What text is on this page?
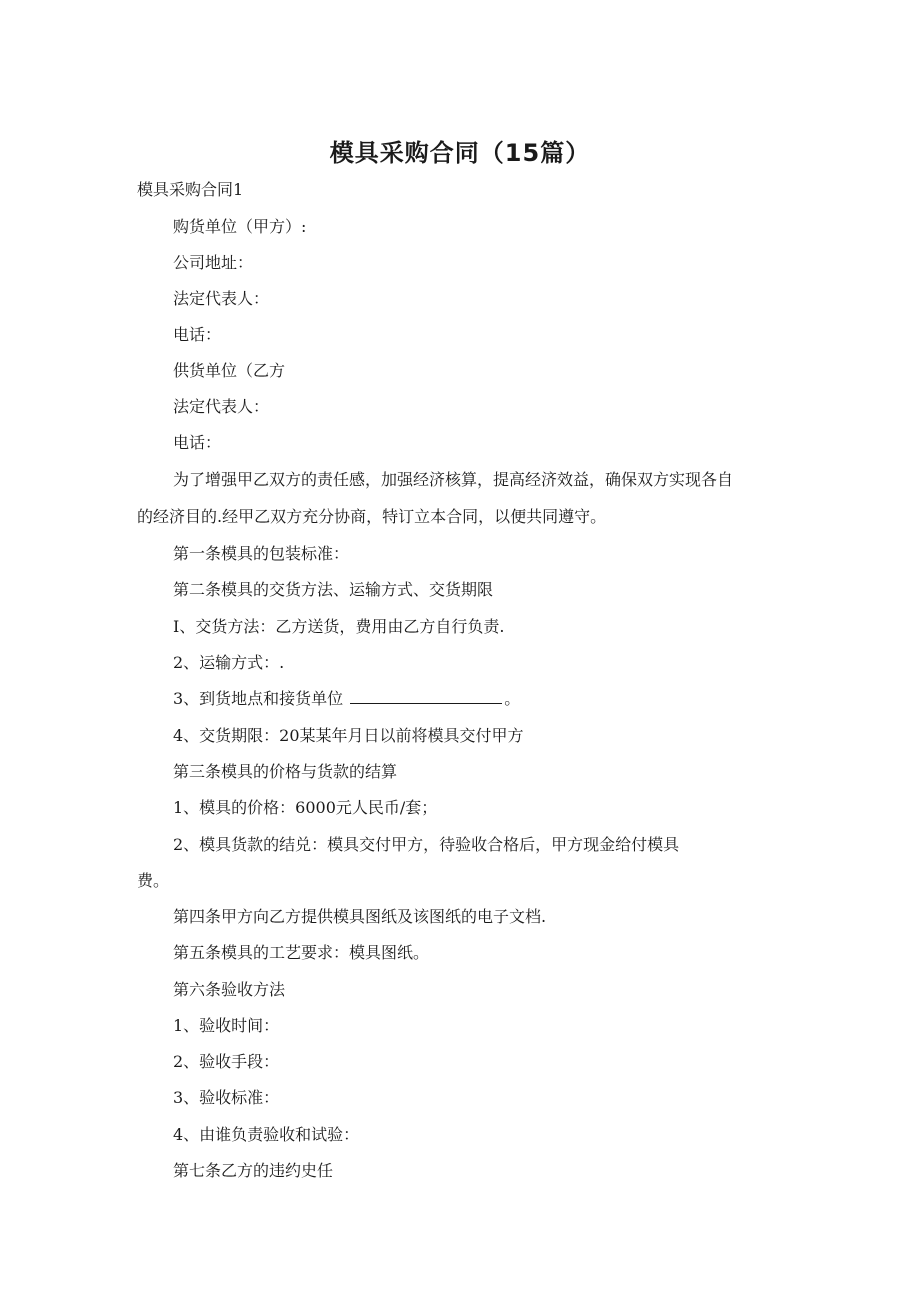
模具采购合同（15篇）
模具采购合同1
购货单位（甲方）:
公司地址：
法定代表人：
电话：
供货单位（乙方
法定代表人：
电话：
为了增强甲乙双方的责任感，加强经济核算，提高经济效益，确保双方实现各自
的经济目的.经甲乙双方充分协商，特订立本合同，以便共同遵守。
第一条模具的包装标准：
第二条模具的交货方法、运输方式、交货期限
I、交货方法：乙方送货，费用由乙方自行负责.
2、运输方式：.
3、到货地点和接货单位	。
4、交货期限：20某某年月日以前将模具交付甲方
第三条模具的价格与货款的结算
1、模具的价格：6000元人民币/套；
2、模具货款的结兑：模具交付甲方，待验收合格后，甲方现金给付模具
费。
第四条甲方向乙方提供模具图纸及该图纸的电子文档.
第五条模具的工艺要求：模具图纸。
第六条验收方法
1、验收时间：
2、验收手段：
3、验收标准：
4、由谁负责验收和试验：
第七条乙方的违约史任
